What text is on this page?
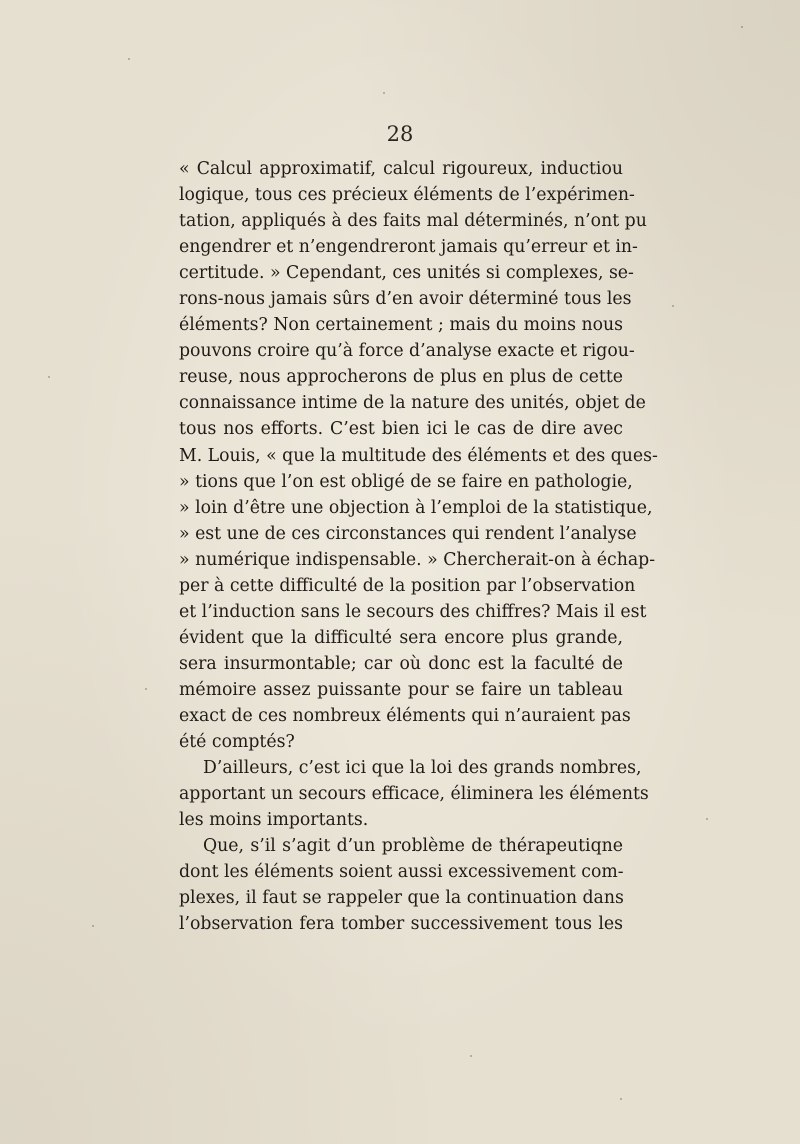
28
« Calcul approximatif, calcul rigoureux, inductiou
logique, tous ces précieux éléments de l’expérimen-
tation, appliqués à des faits mal déterminés, n’ont pu
engendrer et n’engendreront jamais qu’erreur et in-
certitude. » Cependant, ces unités si complexes, se-
rons-nous jamais sûrs d’en avoir déterminé tous les
éléments? Non certainement ; mais du moins nous
pouvons croire qu’à force d’analyse exacte et rigou-
reuse, nous approcherons de plus en plus de cette
connaissance intime de la nature des unités, objet de
tous nos efforts. C’est bien ici le cas de dire avec
M. Louis, « que la multitude des éléments et des ques-
» tions que l’on est obligé de se faire en pathologie,
» loin d’être une objection à l’emploi de la statistique,
» est une de ces circonstances qui rendent l’analyse
» numérique indispensable. » Chercherait-on à échap-
per à cette difficulté de la position par l’observation
et l’induction sans le secours des chiffres? Mais il est
évident que la difficulté sera encore plus grande,
sera insurmontable; car où donc est la faculté de
mémoire assez puissante pour se faire un tableau
exact de ces nombreux éléments qui n’auraient pas
été comptés?
D’ailleurs, c’est ici que la loi des grands nombres,
apportant un secours efficace, éliminera les éléments
les moins importants.
Que, s’il s’agit d’un problème de thérapeutiqne
dont les éléments soient aussi excessivement com-
plexes, il faut se rappeler que la continuation dans
l’observation fera tomber successivement tous les
